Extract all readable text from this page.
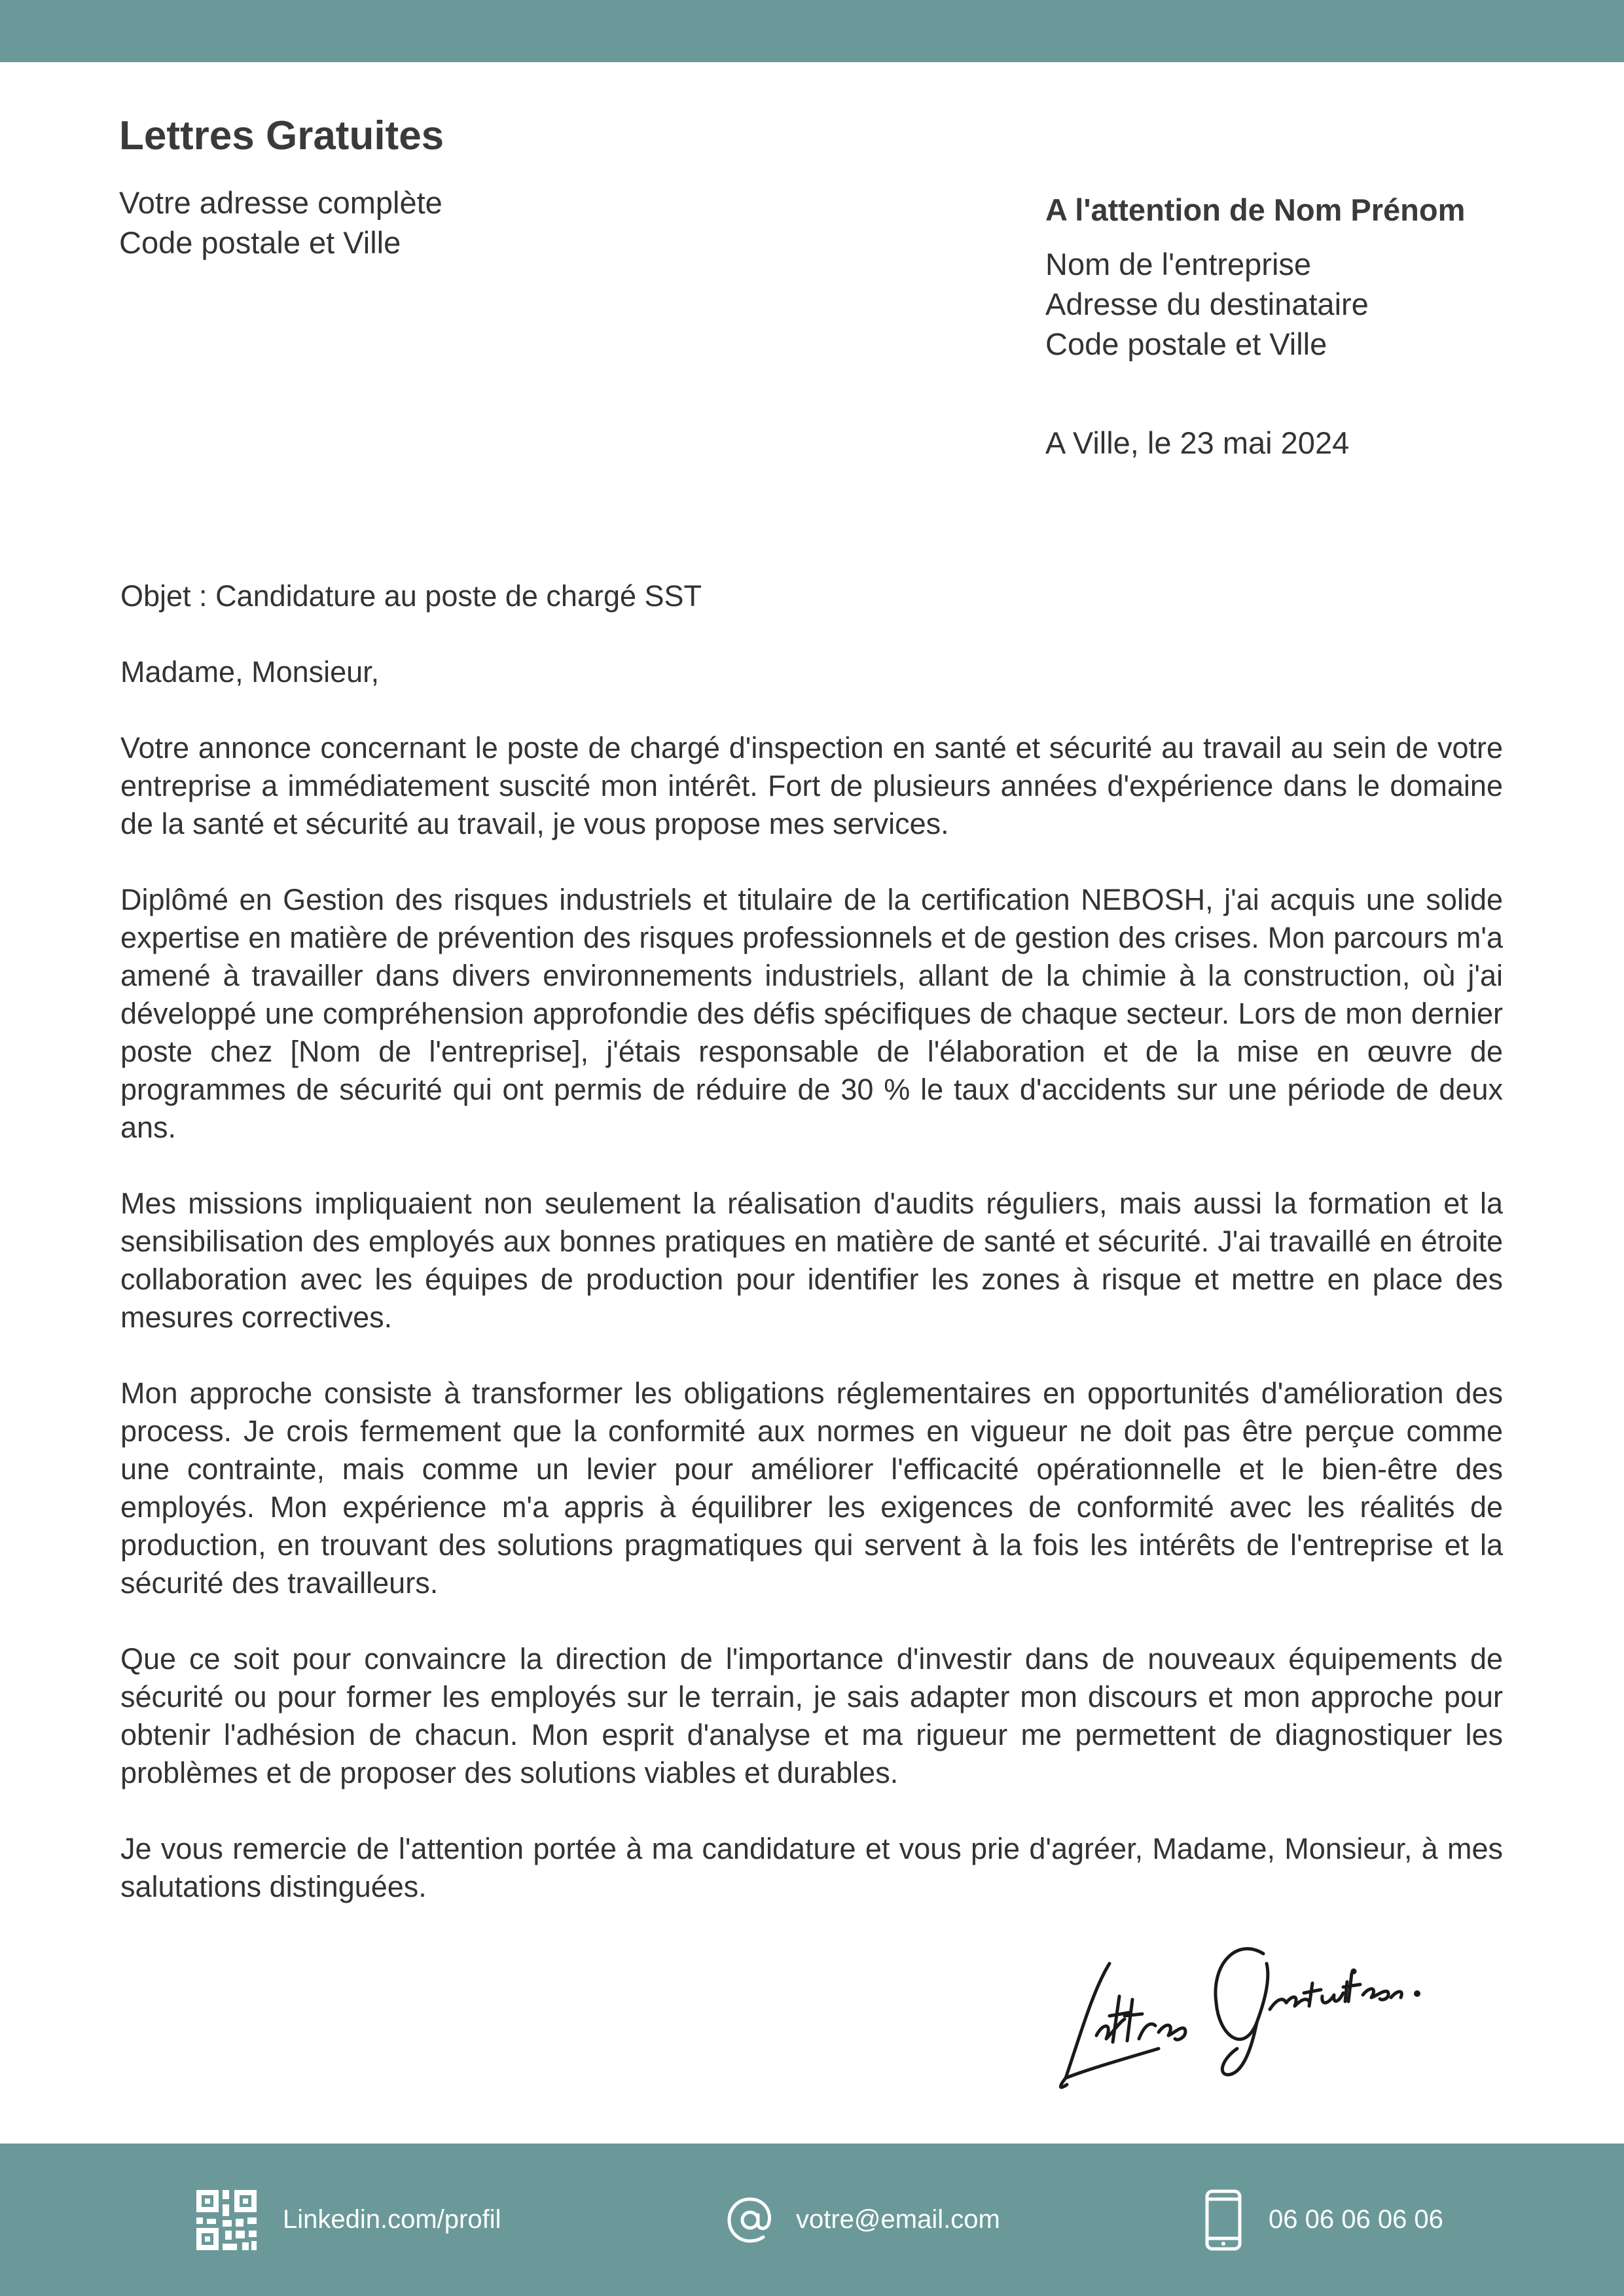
Lettres Gratuites
Votre adresse complète
Code postale et Ville
A l'attention de Nom Prénom
Nom de l'entreprise
Adresse du destinataire
Code postale et Ville
A Ville, le 23 mai 2024

Objet : Candidature au poste de chargé SST

Madame, Monsieur,

Votre annonce concernant le poste de chargé d'inspection en santé et sécurité au travail au sein de votre entreprise a immédiatement suscité mon intérêt. Fort de plusieurs années d'expérience dans le domaine de la santé et sécurité au travail, je vous propose mes services.

Diplômé en Gestion des risques industriels et titulaire de la certification NEBOSH, j'ai acquis une solide expertise en matière de prévention des risques professionnels et de gestion des crises. Mon parcours m'a amené à travailler dans divers environnements industriels, allant de la chimie à la construction, où j'ai développé une compréhension approfondie des défis spécifiques de chaque secteur. Lors de mon dernier poste chez [Nom de l'entreprise], j'étais responsable de l'élaboration et de la mise en œuvre de programmes de sécurité qui ont permis de réduire de 30 % le taux d'accidents sur une période de deux ans.

Mes missions impliquaient non seulement la réalisation d'audits réguliers, mais aussi la formation et la sensibilisation des employés aux bonnes pratiques en matière de santé et sécurité. J'ai travaillé en étroite collaboration avec les équipes de production pour identifier les zones à risque et mettre en place des mesures correctives.

Mon approche consiste à transformer les obligations réglementaires en opportunités d'amélioration des process. Je crois fermement que la conformité aux normes en vigueur ne doit pas être perçue comme une contrainte, mais comme un levier pour améliorer l'efficacité opérationnelle et le bien-être des employés. Mon expérience m'a appris à équilibrer les exigences de conformité avec les réalités de production, en trouvant des solutions pragmatiques qui servent à la fois les intérêts de l'entreprise et la sécurité des travailleurs.

Que ce soit pour convaincre la direction de l'importance d'investir dans de nouveaux équipements de sécurité ou pour former les employés sur le terrain, je sais adapter mon discours et mon approche pour obtenir l'adhésion de chacun. Mon esprit d'analyse et ma rigueur me permettent de diagnostiquer les problèmes et de proposer des solutions viables et durables.

Je vous remercie de l'attention portée à ma candidature et vous prie d'agréer, Madame, Monsieur, à mes salutations distinguées.

Linkedin.com/profil	votre@email.com	06 06 06 06 06
